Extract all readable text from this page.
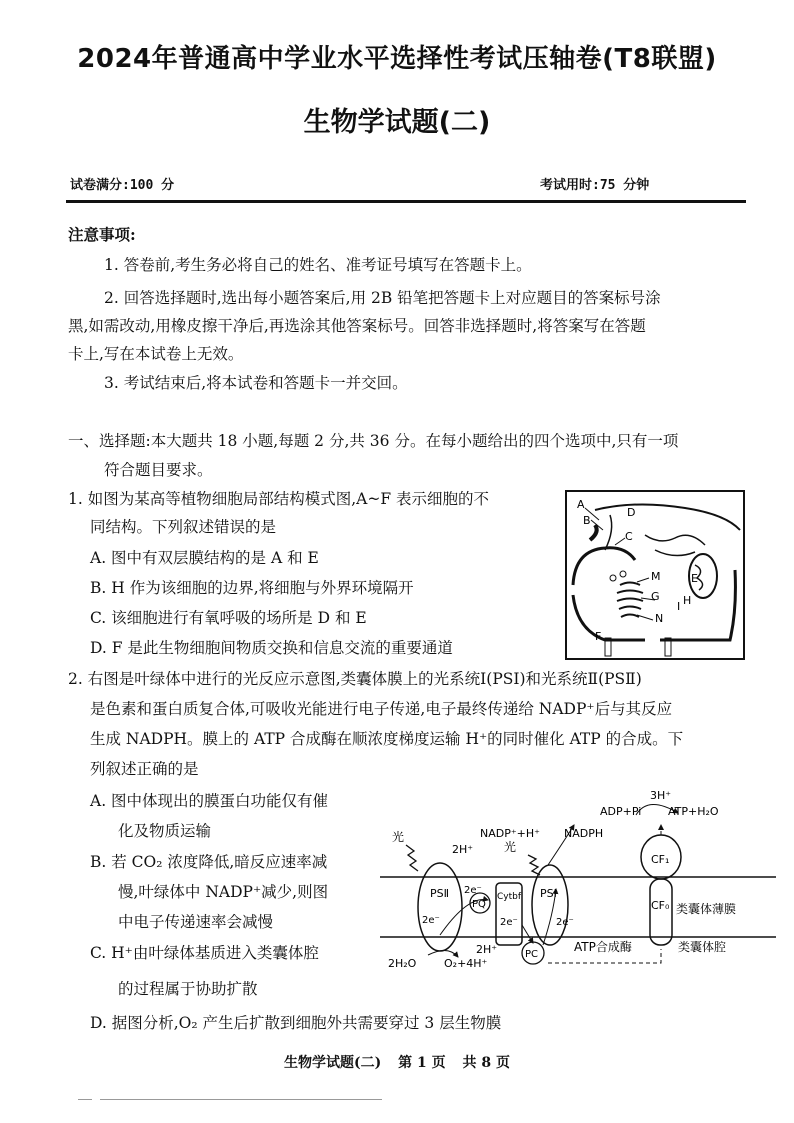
2024年普通高中学业水平选择性考试压轴卷(T8联盟)
生物学试题(二)
试卷满分:100 分	考试用时:75 分钟
注意事项:
1. 答卷前,考生务必将自己的姓名、准考证号填写在答题卡上。
2. 回答选择题时,选出每小题答案后,用 2B 铅笔把答题卡上对应题目的答案标号涂
黑,如需改动,用橡皮擦干净后,再选涂其他答案标号。回答非选择题时,将答案写在答题
卡上,写在本试卷上无效。
3. 考试结束后,将本试卷和答题卡一并交回。
一、选择题:本大题共 18 小题,每题 2 分,共 36 分。在每小题给出的四个选项中,只有一项
符合题目要求。
1. 如图为某高等植物细胞局部结构模式图,A~F 表示细胞的不
同结构。下列叙述错误的是
A. 图中有双层膜结构的是 A 和 E
B. H 作为该细胞的边界,将细胞与外界环境隔开
C. 该细胞进行有氧呼吸的场所是 D 和 E
D. F 是此生物细胞间物质交换和信息交流的重要通道
A
B
C
D
E
F
G H
I
M
N
2. 右图是叶绿体中进行的光反应示意图,类囊体膜上的光系统Ⅰ(PSⅠ)和光系统Ⅱ(PSⅡ)
是色素和蛋白质复合体,可吸收光能进行电子传递,电子最终传递给 NADP⁺后与其反应
生成 NADPH。膜上的 ATP 合成酶在顺浓度梯度运输 H⁺的同时催化 ATP 的合成。下
列叙述正确的是
A. 图中体现出的膜蛋白功能仅有催
化及物质运输
B. 若 CO₂ 浓度降低,暗反应速率减
慢,叶绿体中 NADP⁺减少,则图
中电子传递速率会减慢
C. H⁺由叶绿体基质进入类囊体腔
的过程属于协助扩散
D. 据图分析,O₂ 产生后扩散到细胞外共需要穿过 3 层生物膜
光
光
2H⁺
NADP⁺+H⁺ NADPH
ADP+Pi ATP+H₂O
3H⁺
PSⅡ	PSⅠ
PQ
Cytbf
PC
CF₁
CF₀
2e⁻
2e⁻
2e⁻	2e⁻
2H⁺
2H₂O	O₂+4H⁺
ATP合成酶
类囊体薄膜
类囊体腔
生物学试题(二) 第 1 页 共 8 页
